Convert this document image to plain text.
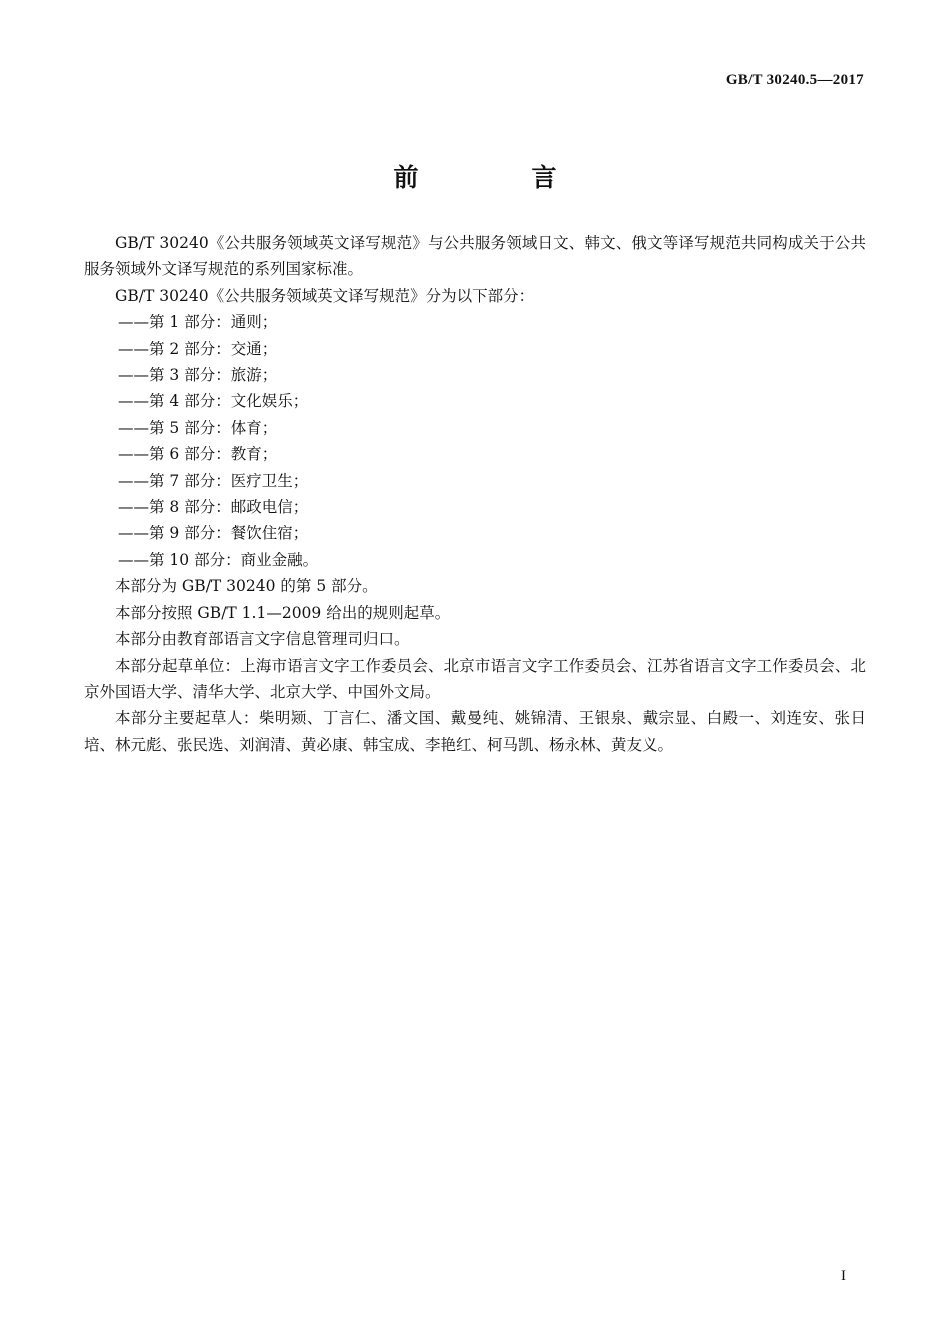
GB/T 30240.5—2017
前　言

GB/T 30240《公共服务领域英文译写规范》与公共服务领域日文、韩文、俄文等译写规范共同构成关于公共服务领域外文译写规范的系列国家标准。

GB/T 30240《公共服务领域英文译写规范》分为以下部分：

——第 1 部分：通则；

——第 2 部分：交通；

——第 3 部分：旅游；

——第 4 部分：文化娱乐；

——第 5 部分：体育；

——第 6 部分：教育；

——第 7 部分：医疗卫生；

——第 8 部分：邮政电信；

——第 9 部分：餐饮住宿；

——第 10 部分：商业金融。

本部分为 GB/T 30240 的第 5 部分。

本部分按照 GB/T 1.1—2009 给出的规则起草。

本部分由教育部语言文字信息管理司归口。

本部分起草单位：上海市语言文字工作委员会、北京市语言文字工作委员会、江苏省语言文字工作委员会、北京外国语大学、清华大学、北京大学、中国外文局。

本部分主要起草人：柴明颎、丁言仁、潘文国、戴曼纯、姚锦清、王银泉、戴宗显、白殿一、刘连安、张日培、林元彪、张民选、刘润清、黄必康、韩宝成、李艳红、柯马凯、杨永林、黄友义。

I
